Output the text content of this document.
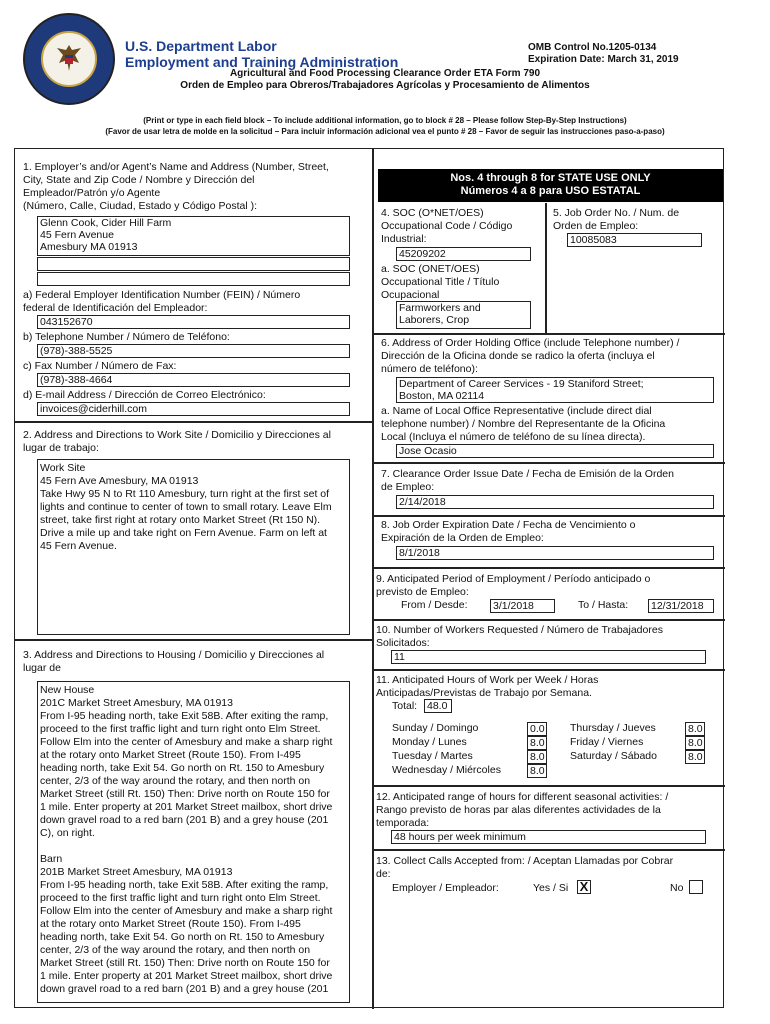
U.S. Department Labor
Employment and Training Administration
OMB Control No.1205-0134
Expiration Date: March 31, 2019
Agricultural and Food Processing Clearance Order ETA Form 790
Orden de Empleo para Obreros/Trabajadores Agrícolas y Procesamiento de Alimentos
(Print or type in each field block – To include additional information, go to block # 28 – Please follow Step-By-Step Instructions)
(Favor de usar letra de molde en la solicitud – Para incluir información adicional vea el punto # 28 – Favor de seguir las instrucciones paso-a-paso)
1. Employer’s and/or Agent’s Name and Address (Number, Street,
City, State and Zip Code / Nombre y Dirección del
Empleador/Patrón y/o Agente
(Número, Calle, Ciudad, Estado y Código Postal ):
Glenn Cook, Cider Hill Farm
45 Fern Avenue
Amesbury MA 01913
a) Federal Employer Identification Number (FEIN) / Número
federal de Identificación del Empleador:
043152670
b) Telephone Number / Número de Teléfono:
(978)-388-5525
c) Fax Number / Número de Fax:
(978)-388-4664
d) E-mail Address / Dirección de Correo Electrónico:
invoices@ciderhill.com
2. Address and Directions to Work Site / Domicilio y Direcciones al
lugar de trabajo:
Work Site
45 Fern Ave Amesbury, MA 01913
Take Hwy 95 N to Rt 110 Amesbury, turn right at the first set of
lights and continue to center of town to small rotary. Leave Elm
street, take first right at rotary onto Market Street (Rt 150 N).
Drive a mile up and take right on Fern Avenue. Farm on left at
45 Fern Avenue.
3. Address and Directions to Housing / Domicilio y Direcciones al
lugar de
New House
201C Market Street Amesbury, MA 01913
From I-95 heading north, take Exit 58B. After exiting the ramp,
proceed to the first traffic light and turn right onto Elm Street.
Follow Elm into the center of Amesbury and make a sharp right
at the rotary onto Market Street (Route 150). From I-495
heading north, take Exit 54. Go north on Rt. 150 to Amesbury
center, 2/3 of the way around the rotary, and then north on
Market Street (still Rt. 150) Then: Drive north on Route 150 for
1 mile. Enter property at 201 Market Street mailbox, short drive
down gravel road to a red barn (201 B) and a grey house (201
C), on right.

Barn
201B Market Street Amesbury, MA 01913
From I-95 heading north, take Exit 58B. After exiting the ramp,
proceed to the first traffic light and turn right onto Elm Street.
Follow Elm into the center of Amesbury and make a sharp right
at the rotary onto Market Street (Route 150). From I-495
heading north, take Exit 54. Go north on Rt. 150 to Amesbury
center, 2/3 of the way around the rotary, and then north on
Market Street (still Rt. 150) Then: Drive north on Route 150 for
1 mile. Enter property at 201 Market Street mailbox, short drive
down gravel road to a red barn (201 B) and a grey house (201
Nos. 4 through 8 for STATE USE ONLY
Números 4 a 8 para USO ESTATAL
4. SOC (O*NET/OES)
Occupational Code / Código
Industrial:
45209202
a. SOC (ONET/OES)
Occupational Title / Título
Ocupacional
Farmworkers and
Laborers, Crop
5. Job Order No. / Num. de
Orden de Empleo:
10085083
6. Address of Order Holding Office (include Telephone number) /
Dirección de la Oficina donde se radico la oferta (incluya el
número de teléfono):
Department of Career Services - 19 Staniford Street;
Boston, MA 02114
a. Name of Local Office Representative (include direct dial
telephone number) / Nombre del Representante de la Oficina
Local (Incluya el número de teléfono de su línea directa).
Jose Ocasio
7. Clearance Order Issue Date / Fecha de Emisión de la Orden
de Empleo:
2/14/2018
8. Job Order Expiration Date / Fecha de Vencimiento o
Expiración de la Orden de Empleo:
8/1/2018
9. Anticipated Period of Employment / Período anticipado o
previsto de Empleo:
From / Desde: 3/1/2018	To / Hasta: 12/31/2018
10. Number of Workers Requested / Número de Trabajadores
Solicitados:
11
11. Anticipated Hours of Work per Week / Horas
Anticipadas/Previstas de Trabajo por Semana.
Total: 48.0
Sunday / Domingo	0.0
Monday / Lunes	8.0
Tuesday / Martes	8.0
Wednesday / Miércoles	8.0
Thursday / Jueves	8.0
Friday / Viernes	8.0
Saturday / Sábado	8.0
12. Anticipated range of hours for different seasonal activities: /
Rango previsto de horas par alas diferentes actividades de la
temporada:
48 hours per week minimum
13. Collect Calls Accepted from: / Aceptan Llamadas por Cobrar
de:
Employer / Empleador:	Yes / Si X	No
